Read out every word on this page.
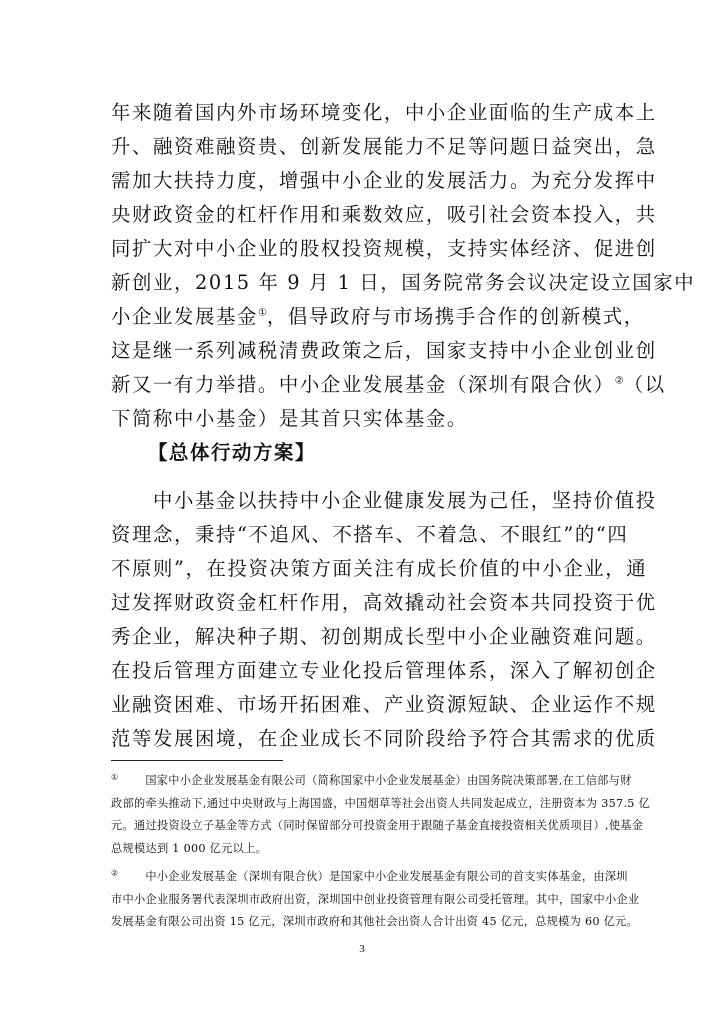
年来随着国内外市场环境变化，中小企业面临的生产成本上
升、融资难融资贵、创新发展能力不足等问题日益突出，急
需加大扶持力度，增强中小企业的发展活力。为充分发挥中
央财政资金的杠杆作用和乘数效应，吸引社会资本投入，共
同扩大对中小企业的股权投资规模，支持实体经济、促进创
新创业，2015 年 9 月 1 日，国务院常务会议决定设立国家中
小企业发展基金①，倡导政府与市场携手合作的创新模式，
这是继一系列减税清费政策之后，国家支持中小企业创业创
新又一有力举措。中小企业发展基金（深圳有限合伙）②（以
下简称中小基金）是其首只实体基金。
【总体行动方案】
　　中小基金以扶持中小企业健康发展为己任，坚持价值投
资理念，秉持“不追风、不搭车、不着急、不眼红”的“四
不原则”，在投资决策方面关注有成长价值的中小企业，通
过发挥财政资金杠杆作用，高效撬动社会资本共同投资于优
秀企业，解决种子期、初创期成长型中小企业融资难问题。
在投后管理方面建立专业化投后管理体系，深入了解初创企
业融资困难、市场开拓困难、产业资源短缺、企业运作不规
范等发展困境，在企业成长不同阶段给予符合其需求的优质
①　　 国家中小企业发展基金有限公司（简称国家中小企业发展基金）由国务院决策部署,在工信部与财
政部的牵头推动下,通过中央财政与上海国盛，中国烟草等社会出资人共同发起成立，注册资本为 357.5 亿
元。通过投资设立子基金等方式（同时保留部分可投资金用于跟随子基金直接投资相关优质项目）,使基金
总规模达到 1 000 亿元以上。
②　　 中小企业发展基金（深圳有限合伙）是国家中小企业发展基金有限公司的首支实体基金，由深圳
市中小企业服务署代表深圳市政府出资，深圳国中创业投资管理有限公司受托管理。其中，国家中小企业
发展基金有限公司出资 15 亿元，深圳市政府和其他社会出资人合计出资 45 亿元，总规模为 60 亿元。
3
